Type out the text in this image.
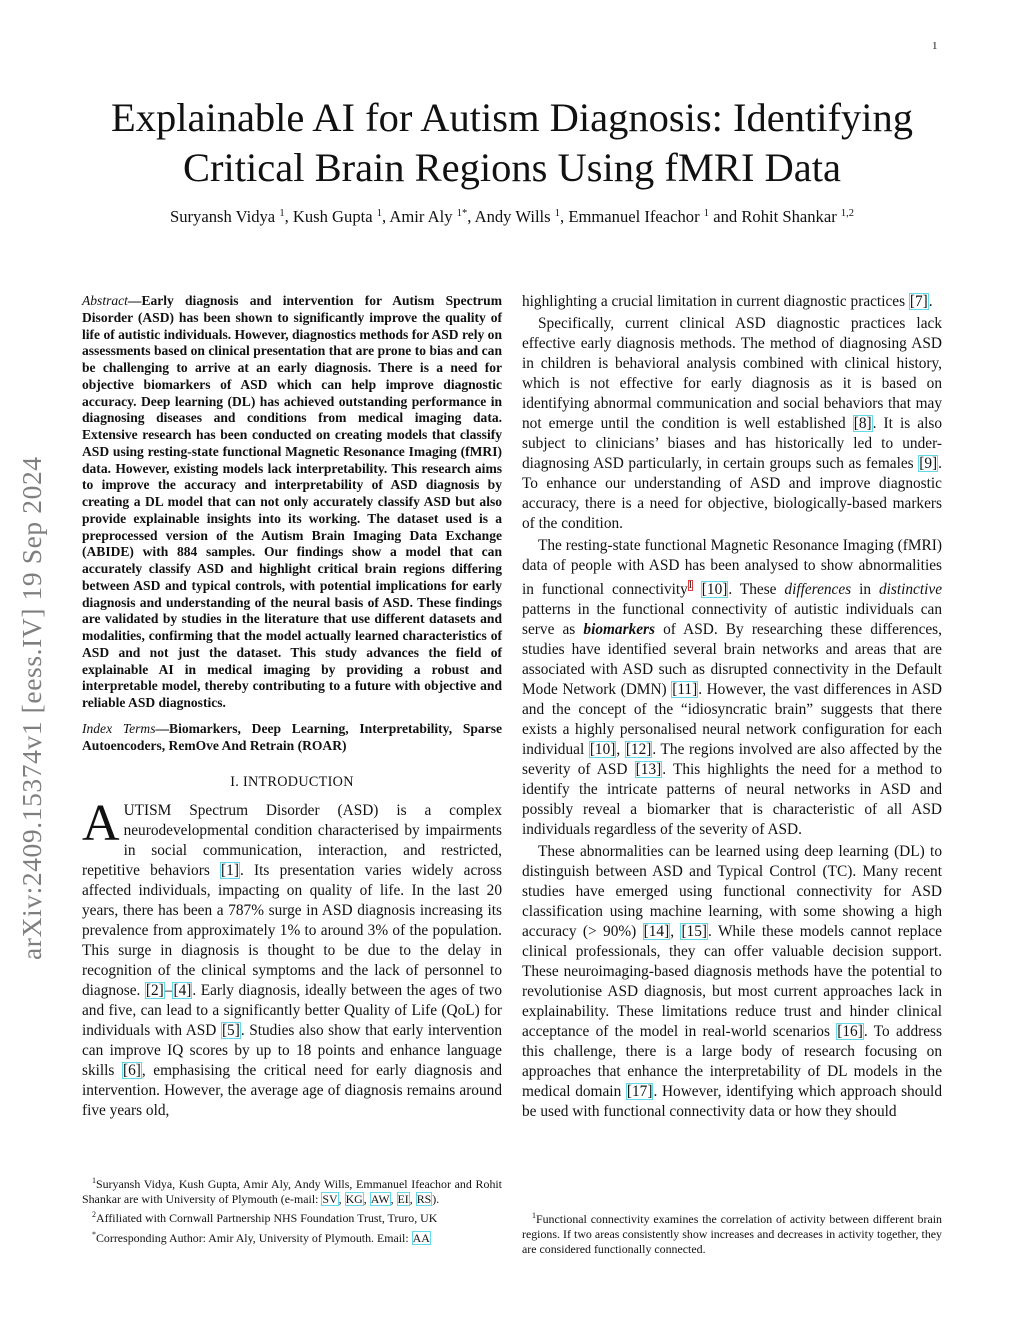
1
arXiv:2409.15374v1 [eess.IV] 19 Sep 2024
Explainable AI for Autism Diagnosis: Identifying
Critical Brain Regions Using fMRI Data
Suryansh Vidya $^1$, Kush Gupta $^1$, Amir Aly $^{1*}$, Andy Wills $^1$, Emmanuel Ifeachor $^1$ and Rohit Shankar $^{1,2}$

Abstract—Early diagnosis and intervention for Autism Spectrum Disorder (ASD) has been shown to significantly improve the quality of life of autistic individuals. However, diagnostics methods for ASD rely on assessments based on clinical presentation that are prone to bias and can be challenging to arrive at an early diagnosis. There is a need for objective biomarkers of ASD which can help improve diagnostic accuracy. Deep learning (DL) has achieved outstanding performance in diagnosing diseases and conditions from medical imaging data. Extensive research has been conducted on creating models that classify ASD using resting-state functional Magnetic Resonance Imaging (fMRI) data. However, existing models lack interpretability. This research aims to improve the accuracy and interpretability of ASD diagnosis by creating a DL model that can not only accurately classify ASD but also provide explainable insights into its working. The dataset used is a preprocessed version of the Autism Brain Imaging Data Exchange (ABIDE) with 884 samples. Our findings show a model that can accurately classify ASD and highlight critical brain regions differing between ASD and typical controls, with potential implications for early diagnosis and understanding of the neural basis of ASD. These findings are validated by studies in the literature that use different datasets and modalities, confirming that the model actually learned characteristics of ASD and not just the dataset. This study advances the field of explainable AI in medical imaging by providing a robust and interpretable model, thereby contributing to a future with objective and reliable ASD diagnostics.

Index Terms—Biomarkers, Deep Learning, Interpretability, Sparse Autoencoders, RemOve And Retrain (ROAR)

I. INTRODUCTION

AUTISM Spectrum Disorder (ASD) is a complex neurodevelopmental condition characterised by impairments in social communication, interaction, and restricted, repetitive behaviors [1]. Its presentation varies widely across affected individuals, impacting on quality of life. In the last 20 years, there has been a 787% surge in ASD diagnosis increasing its prevalence from approximately 1% to around 3% of the population. This surge in diagnosis is thought to be due to the delay in recognition of the clinical symptoms and the lack of personnel to diagnose. [2]–[4]. Early diagnosis, ideally between the ages of two and five, can lead to a significantly better Quality of Life (QoL) for individuals with ASD [5]. Studies also show that early intervention can improve IQ scores by up to 18 points and enhance language skills [6], emphasising the critical need for early diagnosis and intervention. However, the average age of diagnosis remains around five years old,

highlighting a crucial limitation in current diagnostic practices [7].

Specifically, current clinical ASD diagnostic practices lack effective early diagnosis methods. The method of diagnosing ASD in children is behavioral analysis combined with clinical history, which is not effective for early diagnosis as it is based on identifying abnormal communication and social behaviors that may not emerge until the condition is well established [8]. It is also subject to clinicians’ biases and has historically led to under-diagnosing ASD particularly, in certain groups such as females [9]. To enhance our understanding of ASD and improve diagnostic accuracy, there is a need for objective, biologically-based markers of the condition.

The resting-state functional Magnetic Resonance Imaging (fMRI) data of people with ASD has been analysed to show abnormalities in functional connectivity$^1$ [10]. These differences in distinctive patterns in the functional connectivity of autistic individuals can serve as biomarkers of ASD. By researching these differences, studies have identified several brain networks and areas that are associated with ASD such as disrupted connectivity in the Default Mode Network (DMN) [11]. However, the vast differences in ASD and the concept of the “idiosyncratic brain” suggests that there exists a highly personalised neural network configuration for each individual [10], [12]. The regions involved are also affected by the severity of ASD [13]. This highlights the need for a method to identify the intricate patterns of neural networks in ASD and possibly reveal a biomarker that is characteristic of all ASD individuals regardless of the severity of ASD.

These abnormalities can be learned using deep learning (DL) to distinguish between ASD and Typical Control (TC). Many recent studies have emerged using functional connectivity for ASD classification using machine learning, with some showing a high accuracy (> 90%) [14], [15]. While these models cannot replace clinical professionals, they can offer valuable decision support. These neuroimaging-based diagnosis methods have the potential to revolutionise ASD diagnosis, but most current approaches lack in explainability. These limitations reduce trust and hinder clinical acceptance of the model in real-world scenarios [16]. To address this challenge, there is a large body of research focusing on approaches that enhance the interpretability of DL models in the medical domain [17]. However, identifying which approach should be used with functional connectivity data or how they should

$^1$Suryansh Vidya, Kush Gupta, Amir Aly, Andy Wills, Emmanuel Ifeachor and Rohit Shankar are with University of Plymouth (e-mail: SV, KG, AW, EI, RS).

$^2$Affiliated with Cornwall Partnership NHS Foundation Trust, Truro, UK

*Corresponding Author: Amir Aly, University of Plymouth. Email: AA

$^1$Functional connectivity examines the correlation of activity between different brain regions. If two areas consistently show increases and decreases in activity together, they are considered functionally connected.
